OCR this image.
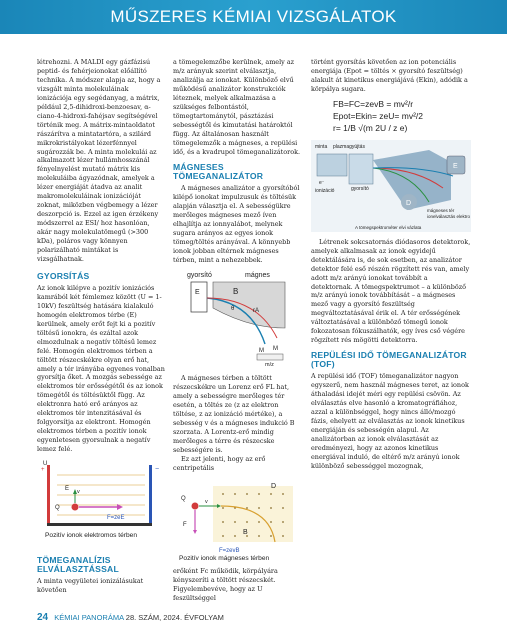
MŰSZERES KÉMIAI VIZSGÁLATOK

létrehozni. A MALDI egy gázfázisú peptid- és fehérjeionokat előállító technika. A módszer alapja az, hogy a vizsgált minta molekuláinak ionizációja egy segédanyag, a mátrix, például 2,5-dihidroxi-benzoesav, α-ciano-4-hidroxi-fahéjsav segítségével történik meg. A mátrix-mintaoldatot rászárítva a mintatartóra, a szilárd mikrokristályokat lézerfénnyel sugározzák be. A minta molekulái az alkalmazott lézer hullámhosszánál fényelnyelést mutató mátrix kis molekuláiba ágyazódnak, amelyek a lézer energiáját átadva az analit makromolekuláinak ionizációját zoknat, miközben végbemegy a lézer deszorpció is. Ezzel az igen érzékeny módszerrel az ESI/ hoz hasonlóan, akár nagy molekulatömegű (>300 kDa), poláros vagy könnyen polarizálható mintákat is vizsgálhatnak.

GYORSÍTÁS

Az ionok kilépve a pozitív ionizációs kamrából két fémlemez között (U = 1-10kV) feszültség hatására kialakuló homogén elektromos térbe (E) kerülnek, amely erőt fejt ki a pozitív töltésű ionokra, és ezáltal azok elmozdulnak a negatív töltésű lemez felé. Homogén elektromos térben a töltött részecskékre olyan erő hat, amely a tér irányába egyenes vonalban gyorsítja őket. A mozgás sebessége az elektromos tér erősségétől és az ionok tömegétől és töltésüktől függ. Az elektronra ható erő arányos az elektromos tér intenzitásával és folgyorsítja az elektront. Homogén elektromos térben a pozitív ionok egyenletesen gyorsulnak a negatív lemez felé.

U
+	−
E
Q
v
F=zeE
Pozitív ionok elektromos térben
TÖMEGANALÍZIS ELVÁLASZTÁSSAL

A minta vegyületei ionizálásukat követően

a tömegelemzőbe kerülnek, amely az m/z arányuk szerint elválasztja, analizálja az ionokat. Különböző elvű működésű analizátor konstrukciók léteznek, melyek alkalmazása a szükséges felbontástól, tömegtartománytól, pásztázási sebességtől és kimutatási határoktól függ. Az általánosan használt tömegelemzők a mágneses, a repülési idő, és a kvadrupol tömeganalizátorok.

MÁGNESES TÖMEGANALIZÁTOR

A mágneses analizátor a gyorsítóból kilépő ionokat impulzusuk és töltésük alapján választja el. A sebességükre merőleges mágneses mező íven elhajlítja az ionnyalábot, melynek sugara arányos az egyes ionok tömeg/töltés arányával. A könnyebb ionok jobban eltérnek mágneses térben, mint a nehezebbek.

gyorsító	mágnes
E	B
θ	rA
M M
m/z

A mágneses térben a töltött részecskékre un Lorenz erő FL hat, amely a sebességre merőleges tér esetén, a töltés ze (z az elektron töltése, z az ionizáció mértéke), a sebesség v és a mágneses indukció B szorzata. A Lorentz-erő mindig merőleges a térre és részecske sebességére is.

Ez azt jelenti, hogy az erő centripetális

D
Q	v
F
B
F=zevB
Pozitív ionok mágneses térben

erőként Fc működik, körpályára kényszeríti a töltött részecskét. Figyelembevéve, hogy az U feszültséggel

történt gyorsítás követően az ion potenciális energiája (Epot = töltés × gyorsító feszültség) alakult át kinetikus energiájává (Ekin), adódik a körpálya sugara.

FB=FC=zevB = mv²/r
Epot=Ekin= zeU= mv²/2
r= 1/B √(m 2U / z e)
minta plazmagyújtás
gyorsító
e⁻
ionizáció
E
D
mágneses tér
ionelválasztás elektro
A tömegspektrométer elvi vázlata

Létrenek sokcsatornás diódasoros detektorok, amelyek alkalmasak az ionok egyidejű detektálására is, de sok esetben, az analizátor detektor felé eső részén rögzített rés van, amely adott m/z arányú ionokat továbbít a detektornak. A tömegspektrumot – a különböző m/z arányú ionok továbbítását – a mágneses mező vagy a gyorsító feszültség megváltoztatásával érik el. A tér erősségének változtatásával a különböző tömegű ionok fokozatosan fókuszálhatók, egy íves cső végére rögzített rés mögötti detektorra.

REPÜLÉSI IDŐ TÖMEGANALIZÁTOR (TOF)

A repülési idő (TOF) tömeganalizátor nagyon egyszerű, nem használ mágneses teret, az ionok áthaladási idejét méri egy repülési csövön. Az elválasztás elve hasonló a kromatográfiához, azzal a különbséggel, hogy nincs álló/mozgó fázis, ehelyett az elválasztás az ionok kinetikus energiáján és sebességén alapul. Az analizátorban az ionok elválasztását az eredményezi, hogy az azonos kinetikus energiával induló, de eltérő m/z arányú ionok különböző sebességgel mozognak,

24 KÉMIAI PANORÁMA 28. SZÁM, 2024. ÉVFOLYAM
